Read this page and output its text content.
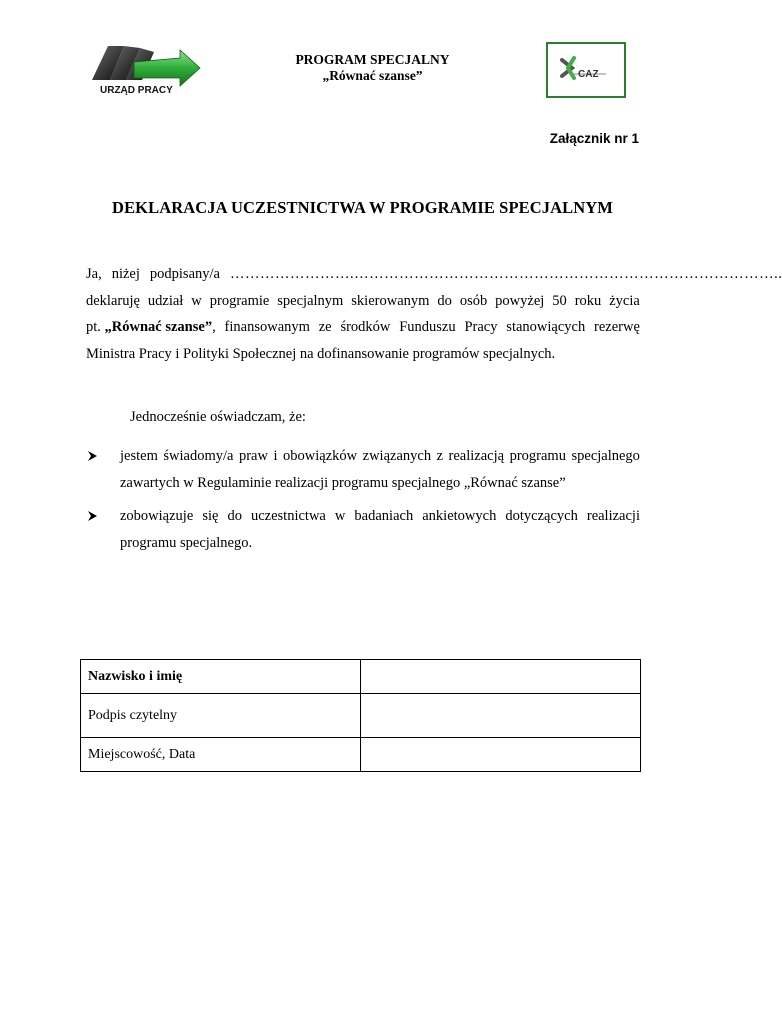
URZĄD PRACY
PROGRAM SPECJALNY
„Równać szanse”	CAZ
Załącznik nr 1
DEKLARACJA UCZESTNICTWA W PROGRAMIE SPECJALNYM
Ja, niżej podpisany/a …………………….…………………………………………………………………………..
deklaruję udział w programie specjalnym skierowanym do osób powyżej 50 roku życia
pt. „Równać szanse”, finansowanym ze środków Funduszu Pracy stanowiących rezerwę
Ministra Pracy i Polityki Społecznej na dofinansowanie programów specjalnych.
Jednocześnie oświadczam, że:
jestem świadomy/a praw i obowiązków związanych z realizacją programu specjalnego
zawartych w Regulaminie realizacji programu specjalnego „Równać szanse”
zobowiązuje się do uczestnictwa w badaniach ankietowych dotyczących realizacji
programu specjalnego.
Nazwisko i imię	
Podpis czytelny	
Miejscowość, Data	
